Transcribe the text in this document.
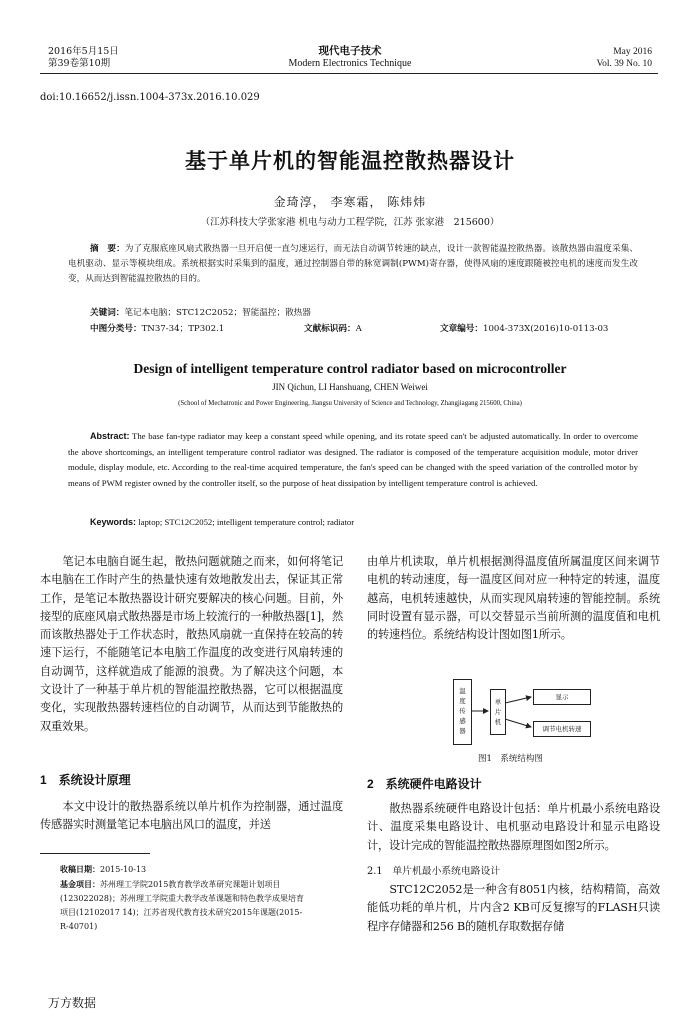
2016年5月15日
第39卷第10期
现代电子技术
Modern Electronics Technique
May 2016
Vol. 39 No. 10
doi:10.16652/j.issn.1004-373x.2016.10.029
基于单片机的智能温控散热器设计
金琦淳， 李寒霜， 陈炜炜
（江苏科技大学张家港 机电与动力工程学院，江苏 张家港　215600）
摘　要：为了克服底座风扇式散热器一旦开启便一直匀速运行，而无法自动调节转速的缺点，设计一款智能温控散热器。该散热器由温度采集、电机驱动、显示等模块组成。系统根据实时采集到的温度，通过控制器自带的脉宽调制(PWM)寄存器，使得风扇的速度跟随被控电机的速度而发生改变，从而达到智能温控散热的目的。
关键词：笔记本电脑；STC12C2052；智能温控；散热器
中图分类号：TN37-34；TP302.1	文献标识码：A	文章编号：1004-373X(2016)10-0113-03
Design of intelligent temperature control radiator based on microcontroller
JIN Qichun, LI Hanshuang, CHEN Weiwei
(School of Mechatronic and Power Engineering, Jiangsu University of Science and Technology, Zhangjiagang 215600, China)
Abstract: The base fan-type radiator may keep a constant speed while opening, and its rotate speed can't be adjusted automatically. In order to overcome the above shortcomings, an intelligent temperature control radiator was designed. The radiator is composed of the temperature acquisition module, motor driver module, display module, etc. According to the real-time acquired temperature, the fan's speed can be changed with the speed variation of the controlled motor by means of PWM register owned by the controller itself, so the purpose of heat dissipation by intelligent temperature control is achieved.
Keywords: laptop; STC12C2052; intelligent temperature control; radiator
笔记本电脑自诞生起，散热问题就随之而来，如何将笔记本电脑在工作时产生的热量快速有效地散发出去，保证其正常工作，是笔记本散热器设计研究要解决的核心问题。目前，外接型的底座风扇式散热器是市场上较流行的一种散热器[1]，然而该散热器处于工作状态时，散热风扇就一直保持在较高的转速下运行，不能随笔记本电脑工作温度的改变进行风扇转速的自动调节，这样就造成了能源的浪费。为了解决这个问题，本文设计了一种基于单片机的智能温控散热器，它可以根据温度变化，实现散热器转速档位的自动调节，从而达到节能散热的双重效果。
1　系统设计原理
本文中设计的散热器系统以单片机作为控制器，通过温度传感器实时测量笔记本电脑出风口的温度，并送
收稿日期：2015-10-13
基金项目：苏州理工学院2015教育教学改革研究课题计划项目(123022028)；苏州理工学院重大教学改革课题和特色教学成果培育项目(12102017 14)；江苏省现代教育技术研究2015年课题(2015-R-40701)
由单片机读取，单片机根据测得温度值所属温度区间来调节电机的转动速度，每一温度区间对应一种特定的转速，温度越高，电机转速越快，从而实现风扇转速的智能控制。系统同时设置有显示器，可以交替显示当前所测的温度值和电机的转速档位。系统结构设计图如图1所示。
温度传感器
单片机
显示
调节电机转速
图1　系统结构图
2　系统硬件电路设计
散热器系统硬件电路设计包括：单片机最小系统电路设计、温度采集电路设计、电机驱动电路设计和显示电路设计，设计完成的智能温控散热器原理图如图2所示。
2.1　单片机最小系统电路设计
STC12C2052是一种含有8051内核，结构精简，高效能低功耗的单片机，片内含2 KB可反复擦写的FLASH只读程序存储器和256 B的随机存取数据存储
万方数据
